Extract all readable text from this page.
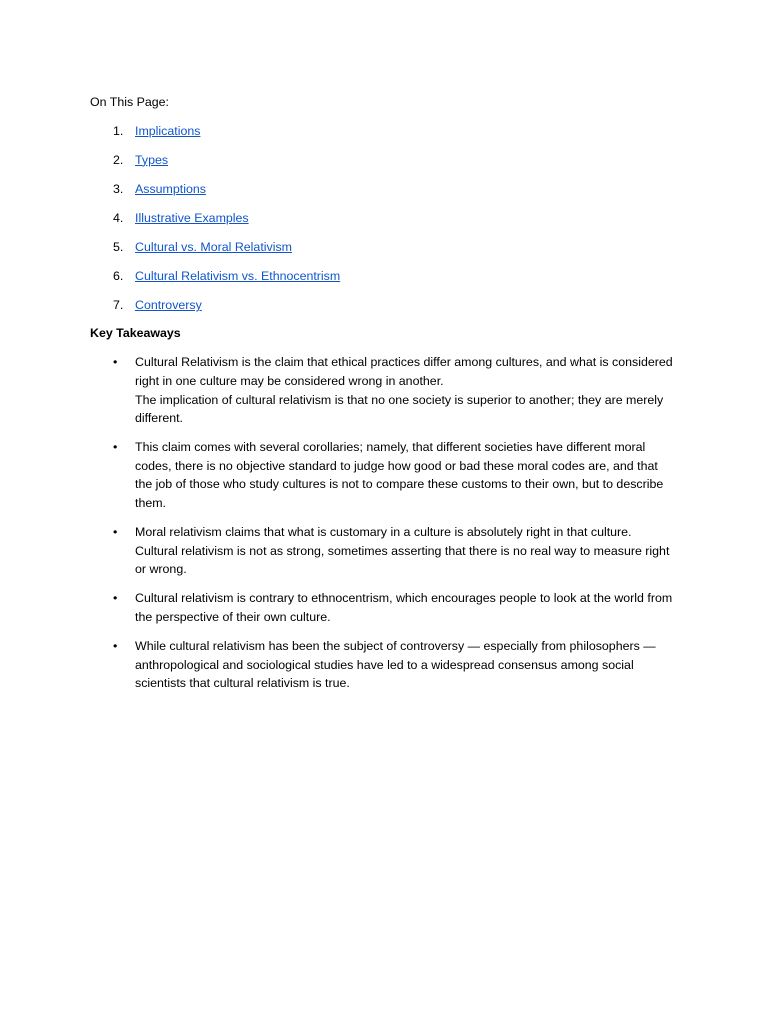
On This Page:

1. Implications
2. Types
3. Assumptions
4. Illustrative Examples
5. Cultural vs. Moral Relativism
6. Cultural Relativism vs. Ethnocentrism
7. Controversy

Key Takeaways

• Cultural Relativism is the claim that ethical practices differ among cultures, and what is considered right in one culture may be considered wrong in another.

The implication of cultural relativism is that no one society is superior to another; they are merely different.

• This claim comes with several corollaries; namely, that different societies have different moral codes, there is no objective standard to judge how good or bad these moral codes are, and that the job of those who study cultures is not to compare these customs to their own, but to describe them.

• Moral relativism claims that what is customary in a culture is absolutely right in that culture. Cultural relativism is not as strong, sometimes asserting that there is no real way to measure right or wrong.

• Cultural relativism is contrary to ethnocentrism, which encourages people to look at the world from the perspective of their own culture.

• While cultural relativism has been the subject of controversy — especially from philosophers — anthropological and sociological studies have led to a widespread consensus among social scientists that cultural relativism is true.
